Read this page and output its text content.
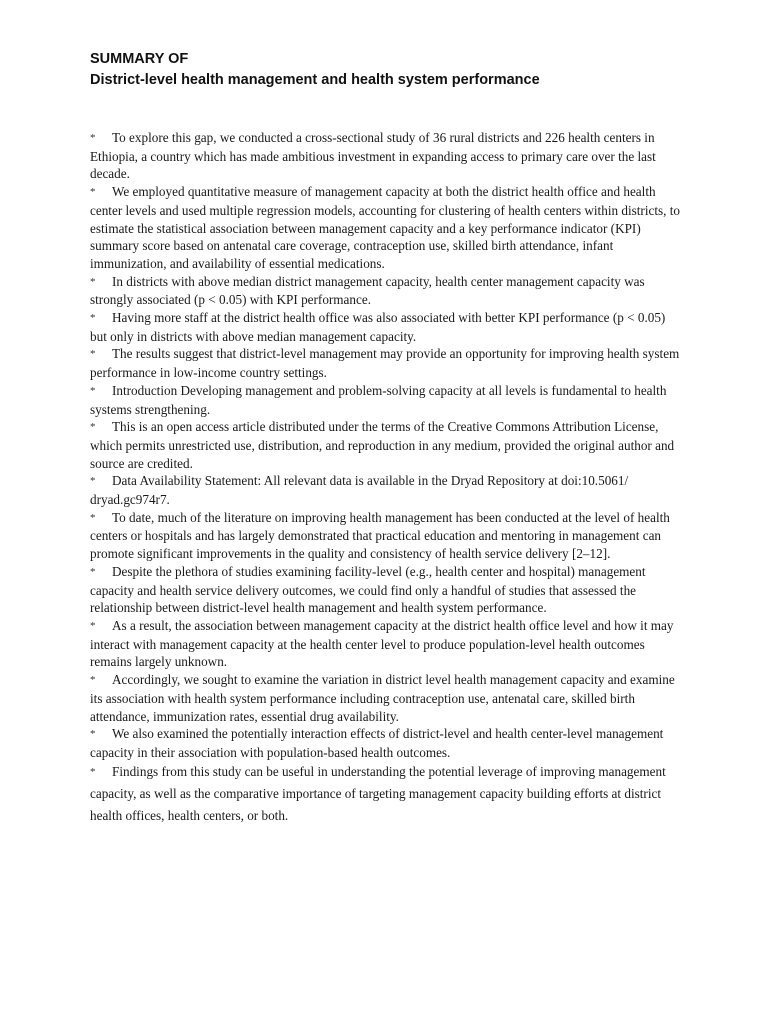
SUMMARY OF
District-level health management and health system performance
* To explore this gap, we conducted a cross-sectional study of 36 rural districts and 226 health centers in Ethiopia, a country which has made ambitious investment in expanding access to primary care over the last decade.
* We employed quantitative measure of management capacity at both the district health office and health center levels and used multiple regression models, accounting for clustering of health centers within districts, to estimate the statistical association between management capacity and a key performance indicator (KPI) summary score based on antenatal care coverage, contraception use, skilled birth attendance, infant immunization, and availability of essential medications.
* In districts with above median district management capacity, health center management capacity was strongly associated (p < 0.05) with KPI performance.
* Having more staff at the district health office was also associated with better KPI performance (p < 0.05) but only in districts with above median management capacity.
* The results suggest that district-level management may provide an opportunity for improving health system performance in low-income country settings.
* Introduction Developing management and problem-solving capacity at all levels is fundamental to health systems strengthening.
* This is an open access article distributed under the terms of the Creative Commons Attribution License, which permits unrestricted use, distribution, and reproduction in any medium, provided the original author and source are credited.
* Data Availability Statement: All relevant data is available in the Dryad Repository at doi:10.5061/ dryad.gc974r7.
* To date, much of the literature on improving health management has been conducted at the level of health centers or hospitals and has largely demonstrated that practical education and mentoring in management can promote significant improvements in the quality and consistency of health service delivery [2–12].
* Despite the plethora of studies examining facility-level (e.g., health center and hospital) management capacity and health service delivery outcomes, we could find only a handful of studies that assessed the relationship between district-level health management and health system performance.
* As a result, the association between management capacity at the district health office level and how it may interact with management capacity at the health center level to produce population-level health outcomes remains largely unknown.
* Accordingly, we sought to examine the variation in district level health management capacity and examine its association with health system performance including contraception use, antenatal care, skilled birth attendance, immunization rates, essential drug availability.
* We also examined the potentially interaction effects of district-level and health center-level management capacity in their association with population-based health outcomes.
* Findings from this study can be useful in understanding the potential leverage of improving management capacity, as well as the comparative importance of targeting management capacity building efforts at district health offices, health centers, or both.
